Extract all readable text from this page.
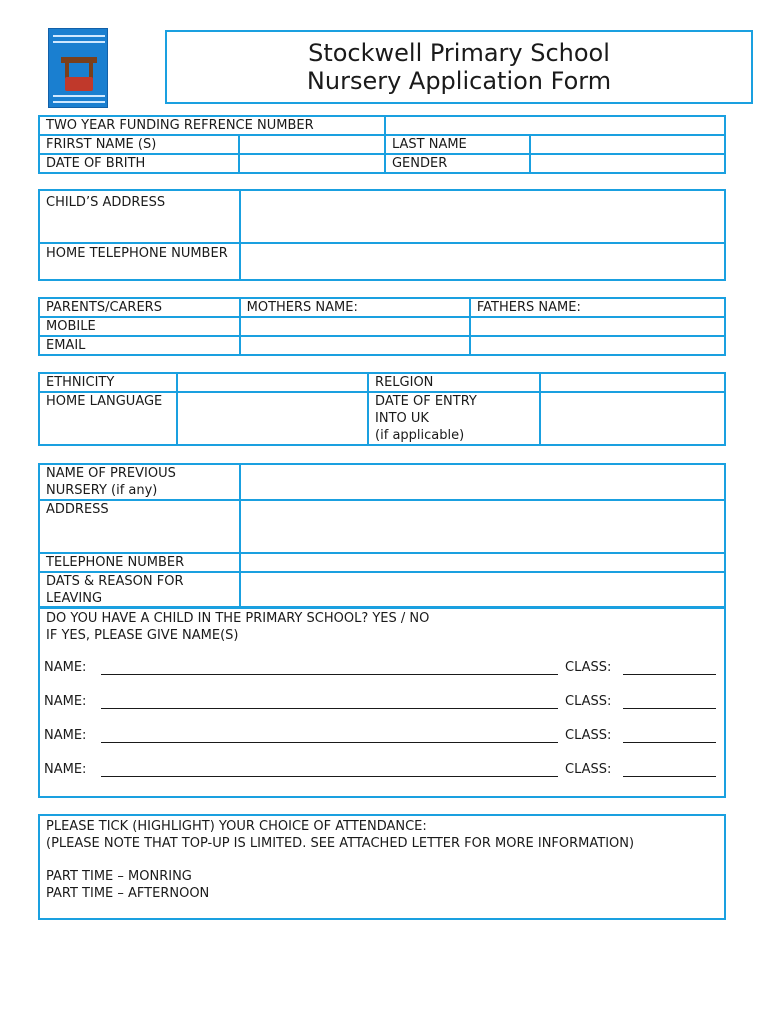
Stockwell Primary School
Nursery Application Form
TWO YEAR FUNDING REFRENCE NUMBER			
FRIRST NAME (S)		LAST NAME	
DATE OF BRITH		GENDER	
CHILD’S ADDRESS	
HOME TELEPHONE NUMBER	
PARENTS/CARERS	MOTHERS NAME:	FATHERS NAME:
MOBILE		
EMAIL		
ETHNICITY		RELGION	
HOME LANGUAGE		DATE OF ENTRY
INTO UK
(if applicable)	

NAME OF PREVIOUS NURSERY (if any)	
ADDRESS	
TELEPHONE NUMBER	
DATS & REASON FOR LEAVING	
DO YOU HAVE A CHILD IN THE PRIMARY SCHOOL? YES / NO
IF YES, PLEASE GIVE NAME(S)
NAME:	CLASS:
NAME:	CLASS:
NAME:	CLASS:
NAME:	CLASS:
PLEASE TICK (HIGHLIGHT) YOUR CHOICE OF ATTENDANCE:
(PLEASE NOTE THAT TOP-UP IS LIMITED. SEE ATTACHED LETTER FOR MORE INFORMATION)
PART TIME – MONRING
PART TIME – AFTERNOON
